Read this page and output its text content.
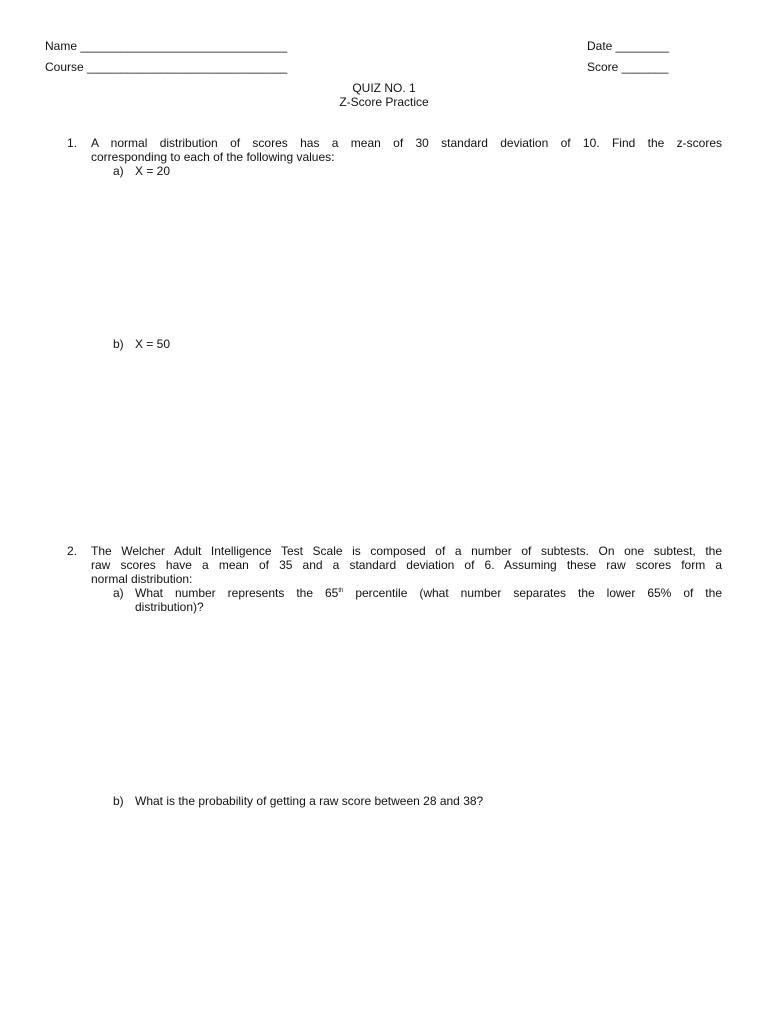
Name _______________________________	Date ________
Course ______________________________	Score _______
QUIZ NO. 1
Z-Score Practice
1. A normal distribution of scores has a mean of 30 standard deviation of 10. Find the z-scores
corresponding to each of the following values:
a) X = 20
b) X = 50
2. The Welcher Adult Intelligence Test Scale is composed of a number of subtests. On one subtest, the
raw scores have a mean of 35 and a standard deviation of 6. Assuming these raw scores form a
normal distribution:
a) What number represents the 65th percentile (what number separates the lower 65% of the
distribution)?
b) What is the probability of getting a raw score between 28 and 38?
